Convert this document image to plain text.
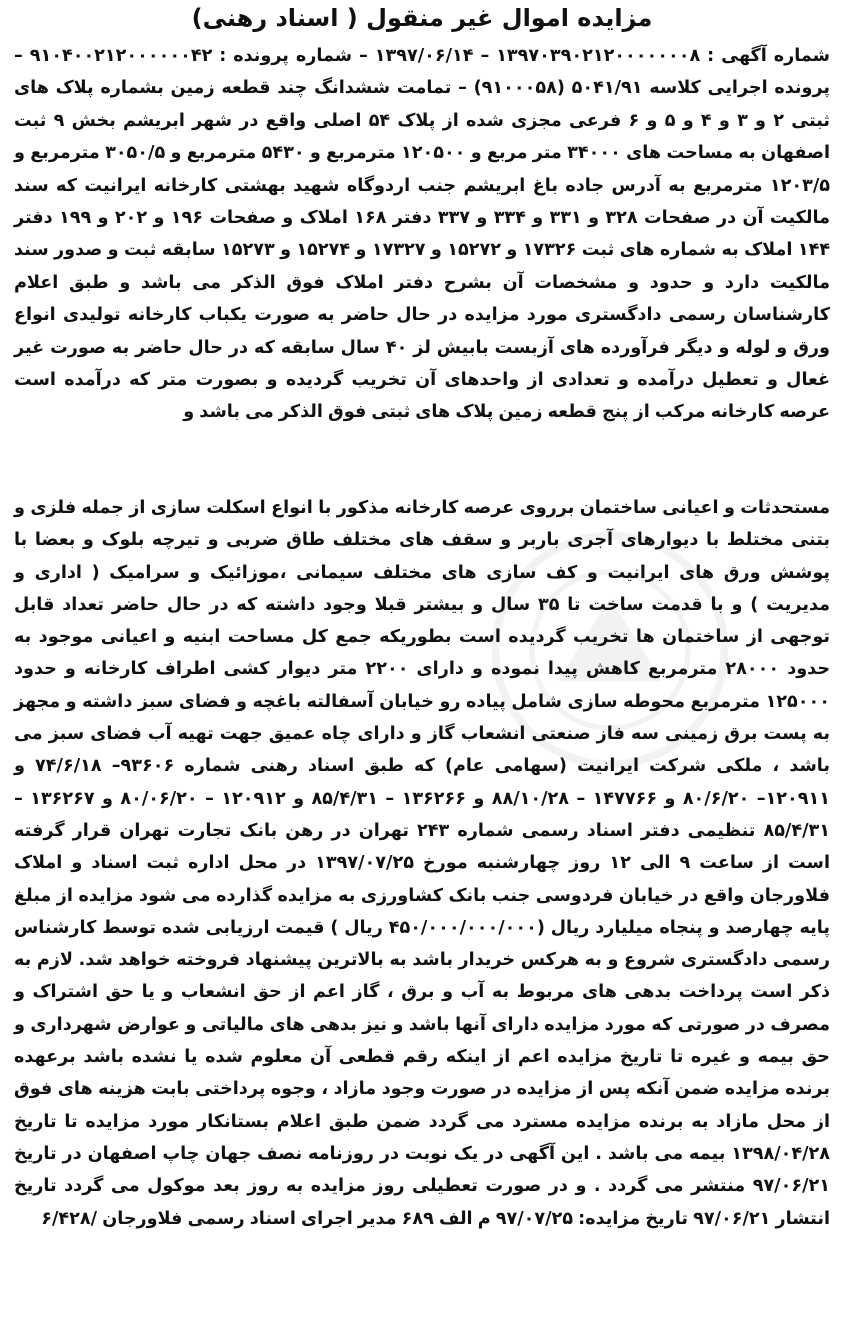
مزایده اموال غیر منقول ( اسناد رهنی)

شماره آگهی : ۱۳۹۷۰۳۹۰۲۱۲۰۰۰۰۰۰۰۸ – ۱۳۹۷/۰۶/۱۴ – شماره پرونده : ۹۱۰۴۰۰۲۱۲۰۰۰۰۰۰۴۲ – پرونده اجرایی کلاسه ۵۰۴۱/۹۱ (۹۱۰۰۰۵۸) – تمامت ششدانگ چند قطعه زمین بشماره پلاک های ثبتی ۲ و ۳ و ۴ و ۵ و ۶ فرعی مجزی شده از پلاک ۵۴ اصلی واقع در شهر ابریشم بخش ۹ ثبت اصفهان به مساحت های ۳۴۰۰۰ متر مربع و ۱۲۰۵۰۰ مترمربع و ۵۴۳۰ مترمربع و ۳۰۵۰/۵ مترمربع و ۱۲۰۳/۵ مترمربع به آدرس جاده باغ ابریشم جنب اردوگاه شهید بهشتی کارخانه ایرانیت که سند مالکیت آن در صفحات ۳۲۸ و ۳۳۱ و ۳۳۴ و ۳۳۷ دفتر ۱۶۸ املاک و صفحات ۱۹۶ و ۲۰۲ و ۱۹۹ دفتر ۱۴۴ املاک به شماره های ثبت ۱۷۳۲۶ و ۱۵۲۷۲ و ۱۷۳۲۷ و ۱۵۲۷۴ و ۱۵۲۷۳ سابقه ثبت و صدور سند مالکیت دارد و حدود و مشخصات آن بشرح دفتر املاک فوق الذکر می باشد و طبق اعلام کارشناسان رسمی دادگستری مورد مزایده در حال حاضر به صورت یکباب کارخانه تولیدی انواع ورق و لوله و دیگر فرآورده های آزبست بابیش لز ۴۰ سال سابقه که در حال حاضر به صورت غیر غعال و تعطیل درآمده و تعدادی از واحدهای آن تخریب گردیده و بصورت متر که درآمده است عرصه کارخانه مرکب از پنج قطعه زمین پلاک های ثبتی فوق الذکر می باشد و

مستحدثات و اعیانی ساختمان برروی عرصه کارخانه مذکور با انواع اسکلت سازی از جمله فلزی و بتنی مختلط با دیوارهای آجری باربر و سقف های مختلف طاق ضربی و تیرچه بلوک و بعضا با پوشش ورق های ایرانیت و کف سازی های مختلف سیمانی ،موزائیک و سرامیک ( اداری و مدیریت ) و با قدمت ساخت تا ۳۵ سال و بیشتر قبلا وجود داشته که در حال حاضر تعداد قابل توجهی از ساختمان ها تخریب گردیده است بطوریکه جمع کل مساحت ابنیه و اعیانی موجود به حدود ۲۸۰۰۰ مترمربع کاهش پیدا نموده و دارای ۲۲۰۰ متر دیوار کشی اطراف کارخانه و حدود ۱۲۵۰۰۰ مترمربع محوطه سازی شامل پیاده رو خیابان آسفالته باغچه و فضای سبز داشته و مجهز به پست برق زمینی سه فاز صنعتی انشعاب گاز و دارای چاه عمیق جهت تهیه آب فضای سبز می باشد ، ملکی شرکت ایرانیت (سهامی عام) که طبق اسناد رهنی شماره ۹۳۶۰۶– ۷۴/۶/۱۸ و ۱۲۰۹۱۱– ۸۰/۶/۲۰ و ۱۴۷۷۶۶ – ۸۸/۱۰/۲۸ و ۱۳۶۲۶۶ – ۸۵/۴/۳۱ و ۱۲۰۹۱۲ – ۸۰/۰۶/۲۰ و ۱۳۶۲۶۷ – ۸۵/۴/۳۱ تنظیمی دفتر اسناد رسمی شماره ۲۴۳ تهران در رهن بانک تجارت تهران قرار گرفته است از ساعت ۹ الی ۱۲ روز چهارشنبه مورخ ۱۳۹۷/۰۷/۲۵ در محل اداره ثبت اسناد و املاک فلاورجان واقع در خیابان فردوسی جنب بانک کشاورزی به مزایده گذارده می شود مزایده از مبلغ پایه چهارصد و پنجاه میلیارد ریال (۴۵۰/۰۰۰/۰۰۰/۰۰۰ ریال ) قیمت ارزیابی شده توسط کارشناس رسمی دادگستری شروع و به هرکس خریدار باشد به بالاترین پیشنهاد فروخته خواهد شد. لازم به ذکر است پرداخت بدهی های مربوط به آب و برق ، گاز اعم از حق انشعاب و یا حق اشتراک و مصرف در صورتی که مورد مزایده دارای آنها باشد و نیز بدهی های مالیاتی و عوارض شهرداری و حق بیمه و غیره تا تاریخ مزایده اعم از اینکه رقم قطعی آن معلوم شده یا نشده باشد برعهده برنده مزایده ضمن آنکه پس از مزایده در صورت وجود مازاد ، وجوه پرداختی بابت هزینه های فوق از محل مازاد به برنده مزایده مسترد می گردد ضمن طبق اعلام بستانکار مورد مزایده تا تاریخ ۱۳۹۸/۰۴/۲۸ بیمه می باشد . این آگهی در یک نوبت در روزنامه نصف جهان چاپ اصفهان در تاریخ ۹۷/۰۶/۲۱ منتشر می گردد . و در صورت تعطیلی روز مزایده به روز بعد موکول می گردد تاریخ انتشار ۹۷/۰۶/۲۱ تاریخ مزایده: ۹۷/۰۷/۲۵ م الف ۶۸۹ مدیر اجرای اسناد رسمی فلاورجان /۶/۴۲۸
